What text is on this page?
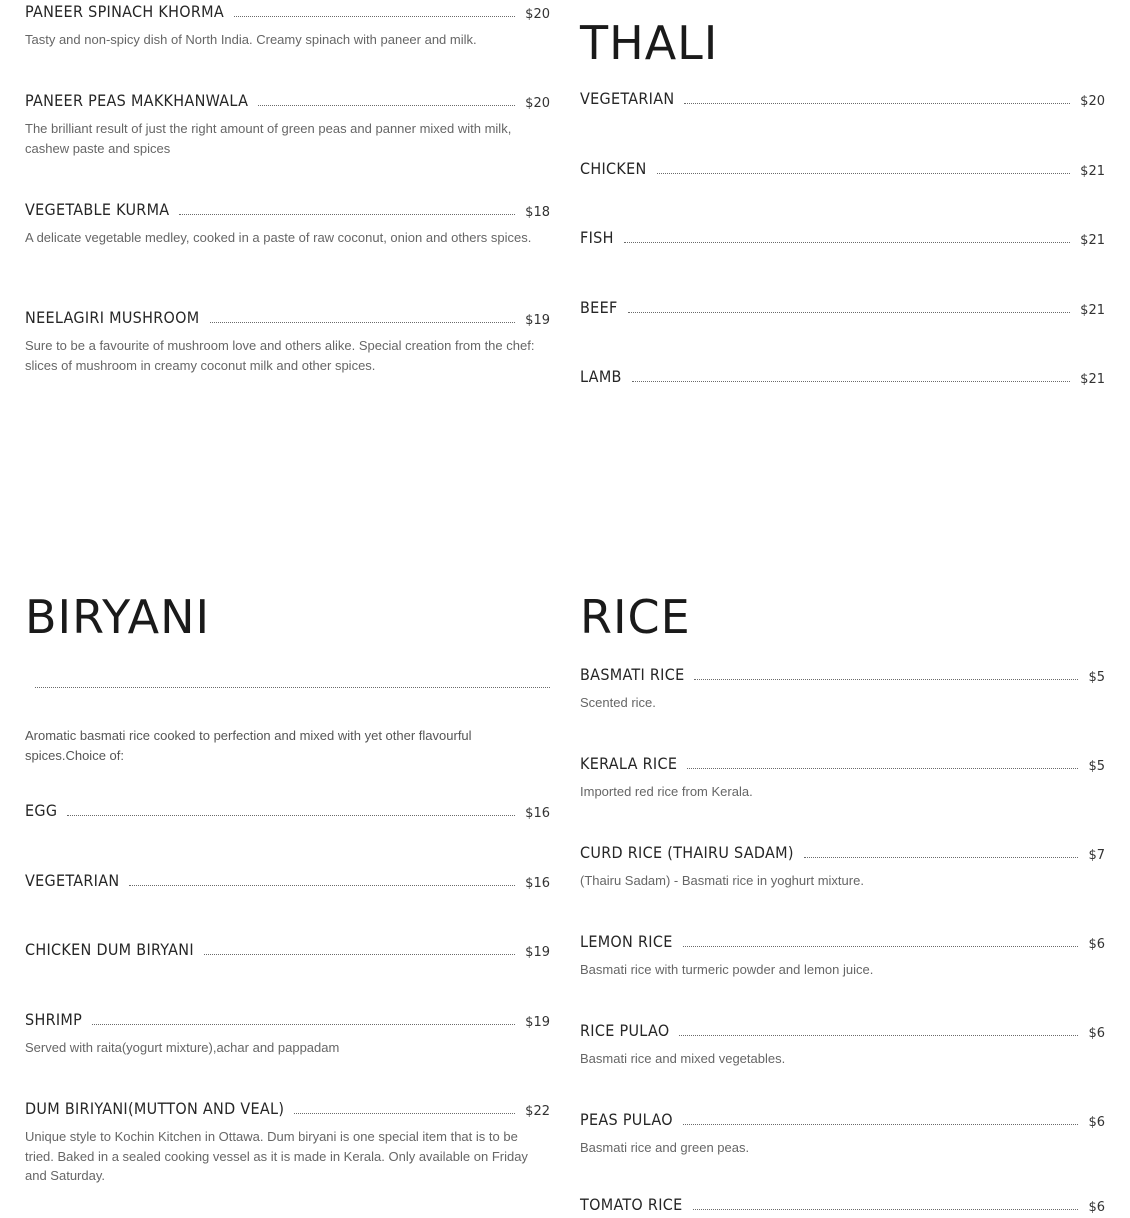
PANEER SPINACH KHORMA	$20
Tasty and non-spicy dish of North India. Creamy spinach with paneer and milk.
PANEER PEAS MAKKHANWALA	$20
The brilliant result of just the right amount of green peas and panner mixed with milk, cashew paste and spices
VEGETABLE KURMA	$18
A delicate vegetable medley, cooked in a paste of raw coconut, onion and others spices.
NEELAGIRI MUSHROOM	$19
Sure to be a favourite of mushroom love and others alike. Special creation from the chef: slices of mushroom in creamy coconut milk and other spices.
THALI
VEGETARIAN	$20
CHICKEN	$21
FISH	$21
BEEF	$21
LAMB	$21
BIRYANI
Aromatic basmati rice cooked to perfection and mixed with yet other flavourful spices.Choice of:
EGG	$16
VEGETARIAN	$16
CHICKEN DUM BIRYANI	$19
SHRIMP	$19
Served with raita(yogurt mixture),achar and pappadam
DUM BIRIYANI(MUTTON AND VEAL)	$22
Unique style to Kochin Kitchen in Ottawa. Dum biryani is one special item that is to be tried. Baked in a sealed cooking vessel as it is made in Kerala. Only available on Friday and Saturday.
RICE
BASMATI RICE	$5
Scented rice.
KERALA RICE	$5
Imported red rice from Kerala.
CURD RICE (THAIRU SADAM)	$7
(Thairu Sadam) - Basmati rice in yoghurt mixture.
LEMON RICE	$6
Basmati rice with turmeric powder and lemon juice.
RICE PULAO	$6
Basmati rice and mixed vegetables.
PEAS PULAO	$6
Basmati rice and green peas.
TOMATO RICE	$6
